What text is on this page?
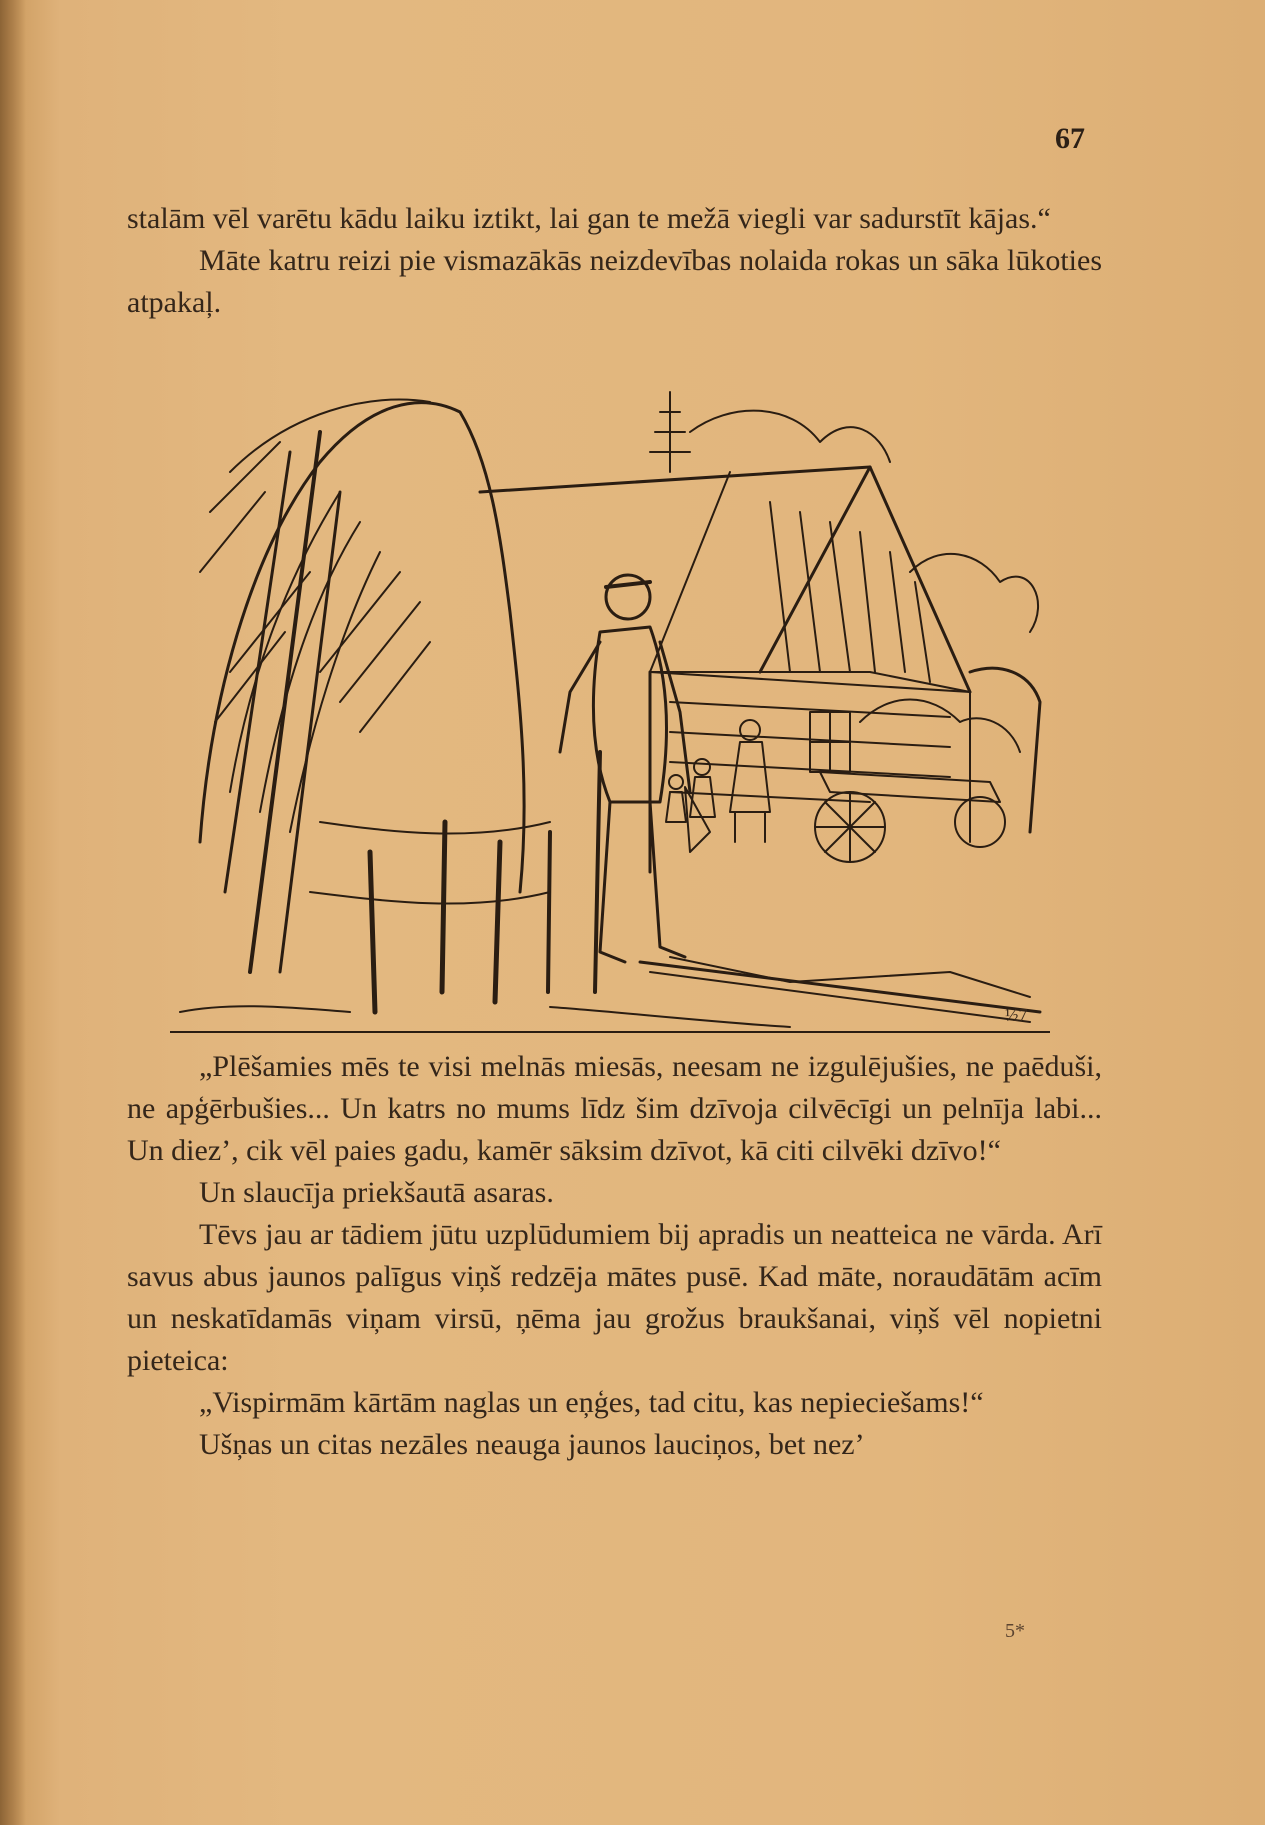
67

stalām vēl varētu kādu laiku iztikt, lai gan te mežā viegli var sadurstīt kājas.“

Māte katru reizi pie vismazākās neizdevības nolaida rokas un sāka lūkoties atpakaļ.

½7

„Plēšamies mēs te visi melnās miesās, neesam ne izgulējušies, ne paēduši, ne apģērbušies... Un katrs no mums līdz šim dzīvoja cilvēcīgi un pelnīja labi... Un diez’, cik vēl paies gadu, kamēr sāksim dzīvot, kā citi cilvēki dzīvo!“

Un slaucīja priekšautā asaras.

Tēvs jau ar tādiem jūtu uzplūdumiem bij apradis un neatteica ne vārda. Arī savus abus jaunos palīgus viņš redzēja mātes pusē. Kad māte, noraudātām acīm un neskatīdamās viņam virsū, ņēma jau grožus braukšanai, viņš vēl nopietni pieteica:

„Vispirmām kārtām naglas un eņģes, tad citu, kas nepieciešams!“

Ušņas un citas nezāles neauga jaunos lauciņos, bet nez’

5*
